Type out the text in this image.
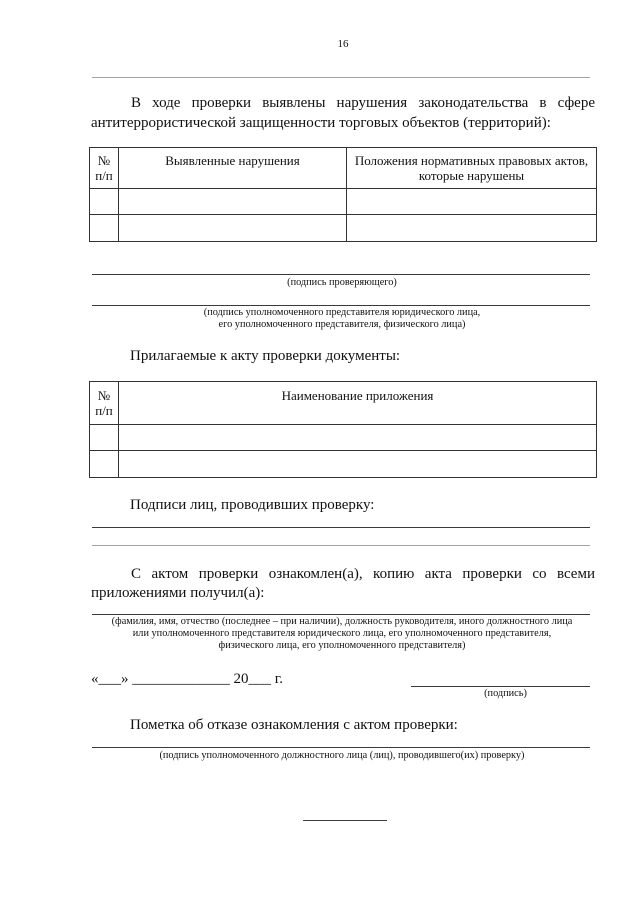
16
В ходе проверки выявлены нарушения законодательства в сфере
антитеррористической защищенности торговых объектов (территорий):
№
п/п	Выявленные нарушения	Положения нормативных правовых актов,
которые нарушены

(подпись проверяющего)
(подпись уполномоченного представителя юридического лица,
его уполномоченного представителя, физического лица)
Прилагаемые к акту проверки документы:
№
п/п	Наименование приложения

Подписи лиц, проводивших проверку:
С актом проверки ознакомлен(а), копию акта проверки со всеми
приложениями получил(а):
(фамилия, имя, отчество (последнее – при наличии), должность руководителя, иного должностного лица
или уполномоченного представителя юридического лица, его уполномоченного представителя,
физического лица, его уполномоченного представителя)
«___» _____________ 20___ г.
(подпись)
Пометка об отказе ознакомления с актом проверки:
(подпись уполномоченного должностного лица (лиц), проводившего(их) проверку)
